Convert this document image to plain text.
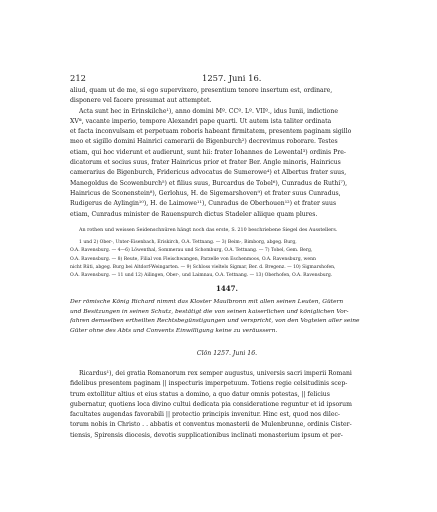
212	1257. Juni 16.
aliud, quam ut de me, si ego supervixero, presentium tenore insertum est, ordinare,
disponere vel facere presumat aut attemptet.
Acta sunt hec in Erinskilche¹), anno domini Mº. CCº. Lº. VIIº., idus Iunii, indictione
XVª, vacante imperio, tempore Alexandri pape quarti. Ut autem ista taliter ordinata
et facta inconvulsam et perpetuam roboris habeant firmitatem, presentem paginam sigillo
meo et sigillo domini Hainrici camerarii de Bigenburch²) decrevimus roborare. Testes
etiam, qui hoc viderunt et audierunt, sunt hii: frater Iohannes de Lewental³) ordinis Pre-
dicatorum et socius suus, frater Hainricus prior et frater Ber. Angle minoris, Hainricus
camerarius de Bigenburch, Fridericus advocatus de Sumerowe⁴) et Albertus frater suus,
Manegoldus de Scowenburch⁵) et filius suus, Burcardus de Tobel⁶), Cunradus de Ruthi⁷),
Hainricus de Sconenstein⁸), Gerlohus, H. de Sigemarshoven⁹) et frater suus Cunradus,
Rudigerus de Aylingin¹⁰), H. de Laimowe¹¹), Cunradus de Oberhouen¹²) et frater suus
etiam, Cunradus minister de Rauenspurch dictus Stadeler aliique quam plures.
An rothen und weissen Seidenschnüren hängt noch das erste, S. 210 beschriebene Siegel des Ausstellers.
1 und 2) Ober-, Unter-Eisenbach, Eriskirch, O.A. Tettnang. — 3) Beim-, Bimborg, abgeg. Burg,
O.A. Ravensburg. — 4—6) Löwenthal, Sommerau und Schomburg, O.A. Tettnang. — 7) Tobel, Gem. Berg,
O.A. Ravensburg. — 8) Reute, Filial von Fleischwangen, Parzelle von Eschenmoos, O.A. Ravensburg, wenn
nicht Rüti, abgeg. Burg bei Altdorf-Weingarten. — 9) Schloss vieltels Sigmar, Ber. d. Bregenz. — 10) Sigmarshofen,
O.A. Ravensburg. — 11 und 12) Ailingen, Ober-, und Laimnau, O.A. Tettnang. — 13) Oberhofen, O.A. Ravensburg.
1447.
Der römische König Richard nimmt das Kloster Maulbronn mit allen seinen Leuten, Gütern
und Besitzungen in seinen Schutz, bestätigt die von seinen kaiserlichen und königlichen Vor-
fahren demselben ertheilten Rechtsbegünstigungen und verspricht, von den Vogteien aller seine
Güter ohne des Abts und Convents Einwilligung keine zu veräussern.
Clön 1257. Juni 16.
Ricardus¹), dei gratia Romanorum rex semper augustus, universis sacri imperii Romani
fidelibus presentem paginam || inspecturis imperpetuum. Totiens regie celsitudinis scep-
trum extollitur altius et eius status a domino, a quo datur omnis potestas, || felicius
gubernatur, quotiens loca divino cultui dedicata pia consideratione reguntur et id ipsorum
facultates augendas favorabili || protectio principis invenitur. Hinc est, quod nos dilec-
torum nobis in Christo . . abbatis et conventus monasterii de Mulenbrunne, ordinis Cister-
tiensis, Spirensis diocesis, devotis supplicationibus inclinati monasterium ipsum et per-
